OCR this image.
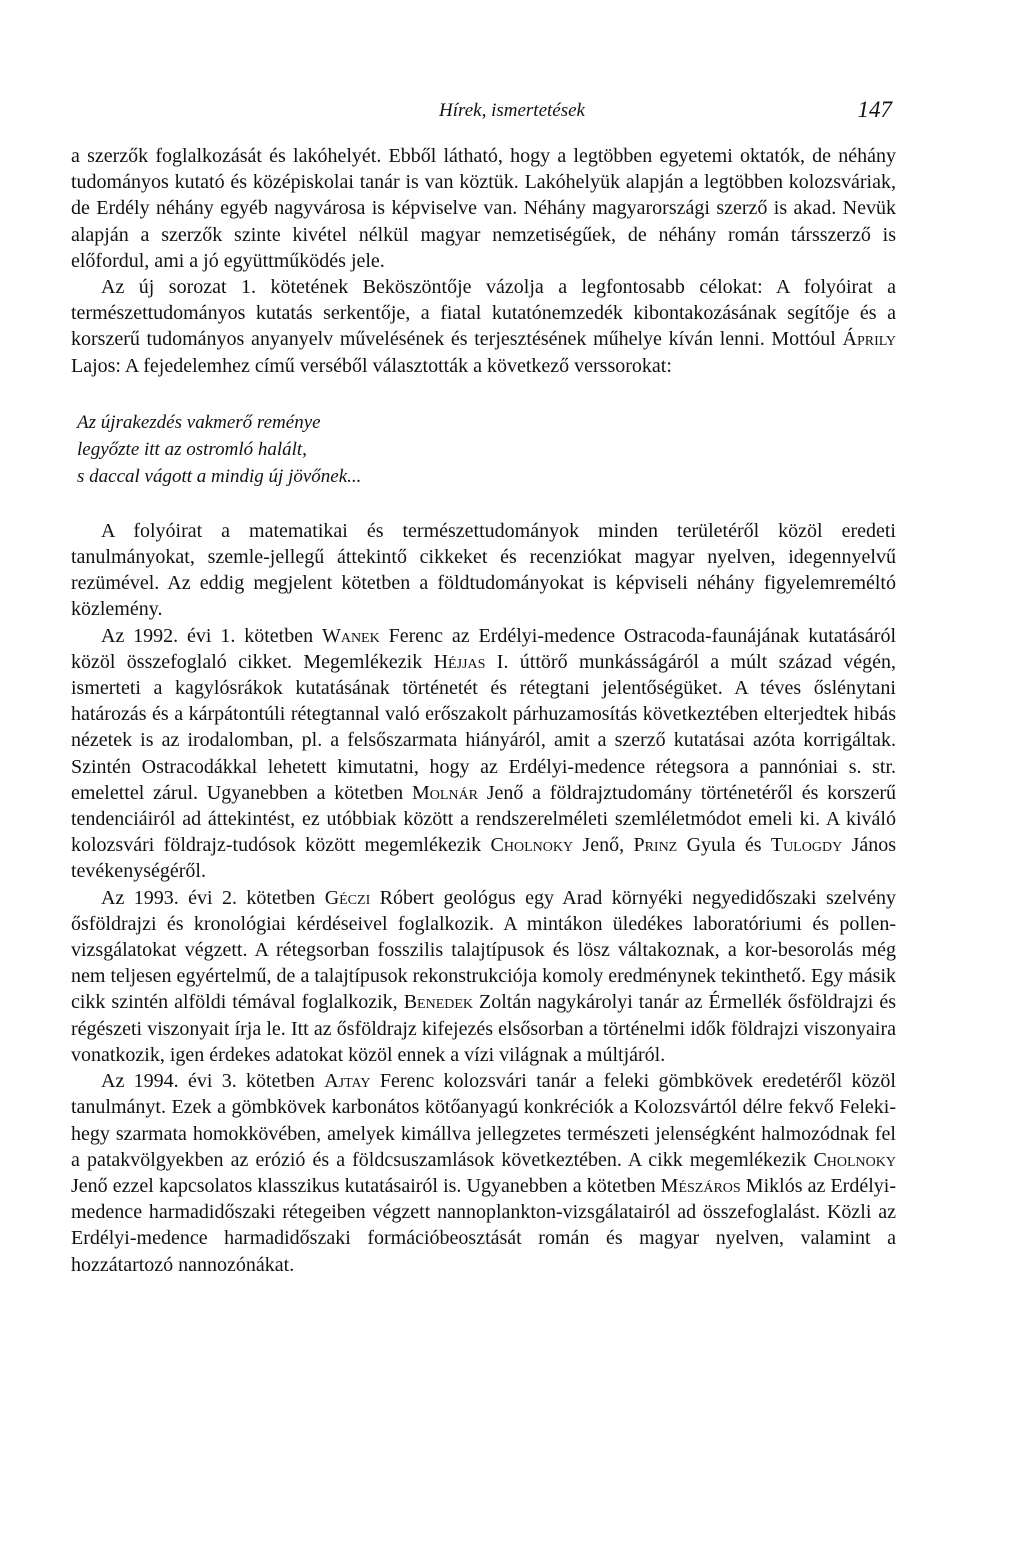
Hírek, ismertetések	147

a szerzők foglalkozását és lakóhelyét. Ebből látható, hogy a legtöbben egyetemi oktatók, de néhány tudományos kutató és középiskolai tanár is van köztük. Lakóhelyük alapján a legtöbben kolozsváriak, de Erdély néhány egyéb nagyvárosa is képviselve van. Néhány magyarországi szerző is akad. Nevük alapján a szerzők szinte kivétel nélkül magyar nemzetiségűek, de néhány román társszerző is előfordul, ami a jó együttműködés jele.

Az új sorozat 1. kötetének Beköszöntője vázolja a legfontosabb célokat: A folyóirat a természettudományos kutatás serkentője, a fiatal kutatónemzedék kibontakozásának segítője és a korszerű tudományos anyanyelv művelésének és terjesztésének műhelye kíván lenni. Mottóul Áprily Lajos: A fejedelemhez című verséből választották a következő verssorokat:

Az újrakezdés vakmerő reménye
legyőzte itt az ostromló halált,
s daccal vágott a mindig új jövőnek...

A folyóirat a matematikai és természettudományok minden területéről közöl eredeti tanulmányokat, szemle-jellegű áttekintő cikkeket és recenziókat magyar nyelven, idegennyelvű rezümével. Az eddig megjelent kötetben a földtudományokat is képviseli néhány figyelemreméltó közlemény.

Az 1992. évi 1. kötetben Wanek Ferenc az Erdélyi-medence Ostracoda-faunájának kutatásáról közöl összefoglaló cikket. Megemlékezik Héjjas I. úttörő munkásságáról a múlt század végén, ismerteti a kagylósrákok kutatásának történetét és rétegtani jelentőségüket. A téves őslénytani határozás és a kárpátontúli rétegtannal való erőszakolt párhuzamosítás következtében elterjedtek hibás nézetek is az irodalomban, pl. a felsőszarmata hiányáról, amit a szerző kutatásai azóta korrigáltak. Szintén Ostracodákkal lehetett kimutatni, hogy az Erdélyi-medence rétegsora a pannóniai s. str. emelettel zárul. Ugyanebben a kötetben Molnár Jenő a földrajztudomány történetéről és korszerű tendenciáiról ad áttekintést, ez utóbbiak között a rendszerelméleti szemléletmódot emeli ki. A kiváló kolozsvári földrajz-tudósok között megemlékezik Cholnoky Jenő, Prinz Gyula és Tulogdy János tevékenységéről.

Az 1993. évi 2. kötetben Géczi Róbert geológus egy Arad környéki negyedidőszaki szelvény ősföldrajzi és kronológiai kérdéseivel foglalkozik. A mintákon üledékes laboratóriumi és pollen-vizsgálatokat végzett. A rétegsorban fosszilis talajtípusok és lösz váltakoznak, a kor-besorolás még nem teljesen egyértelmű, de a talajtípusok rekonstrukciója komoly eredménynek tekinthető. Egy másik cikk szintén alföldi témával foglalkozik, Benedek Zoltán nagykárolyi tanár az Érmellék ősföldrajzi és régészeti viszonyait írja le. Itt az ősföldrajz kifejezés elsősorban a történelmi idők földrajzi viszonyaira vonatkozik, igen érdekes adatokat közöl ennek a vízi világnak a múltjáról.

Az 1994. évi 3. kötetben Ajtay Ferenc kolozsvári tanár a feleki gömbkövek eredetéről közöl tanulmányt. Ezek a gömbkövek karbonátos kötőanyagú konkréciók a Kolozsvártól délre fekvő Feleki-hegy szarmata homokkövében, amelyek kimállva jellegzetes természeti jelenségként halmozódnak fel a patakvölgyekben az erózió és a földcsuszamlások következtében. A cikk megemlékezik Cholnoky Jenő ezzel kapcsolatos klasszikus kutatásairól is. Ugyanebben a kötetben Mészáros Miklós az Erdélyi-medence harmadidőszaki rétegeiben végzett nannoplankton-vizsgálatairól ad összefoglalást. Közli az Erdélyi-medence harmadidőszaki formációbeosztását román és magyar nyelven, valamint a hozzátartozó nannozónákat.
